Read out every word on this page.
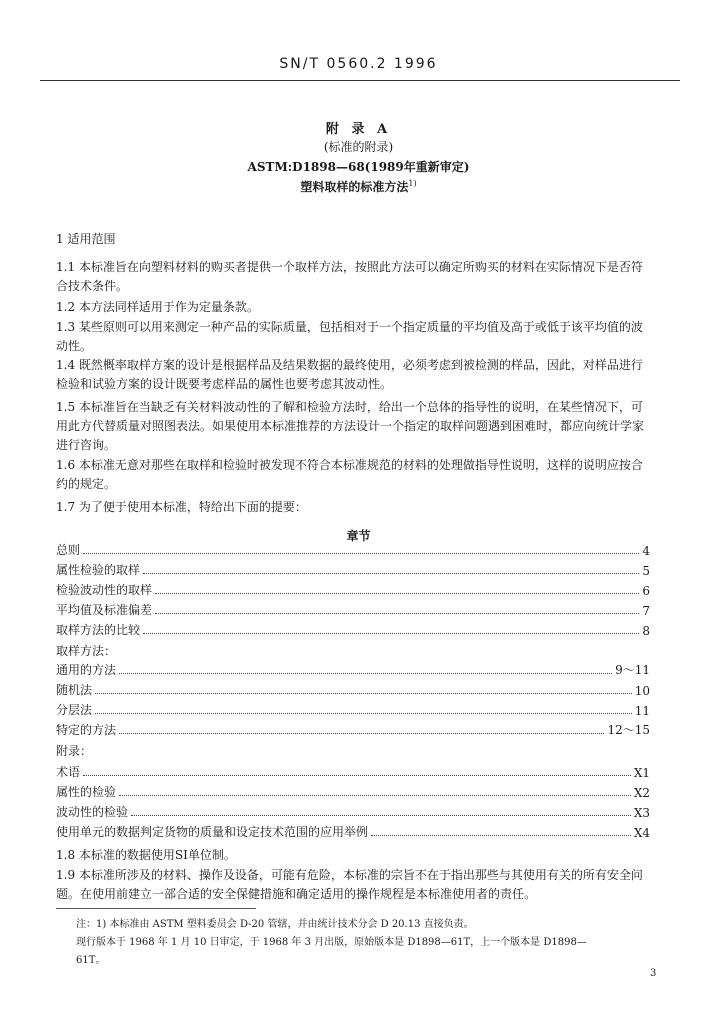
SN/T 0560.2 1996
附 录 A
(标准的附录)
ASTM:D1898—68(1989年重新审定)
塑料取样的标准方法$^{1)}$

1 适用范围

1.1 本标准旨在向塑料材料的购买者提供一个取样方法，按照此方法可以确定所购买的材料在实际情况下是否符合技术条件。

1.2 本方法同样适用于作为定量条款。

1.3 某些原则可以用来测定一种产品的实际质量，包括相对于一个指定质量的平均值及高于或低于该平均值的波动性。

1.4 既然概率取样方案的设计是根据样品及结果数据的最终使用，必须考虑到被检测的样品，因此，对样品进行检验和试验方案的设计既要考虑样品的属性也要考虑其波动性。

1.5 本标准旨在当缺乏有关材料波动性的了解和检验方法时，给出一个总体的指导性的说明，在某些情况下，可用此方代替质量对照图表法。如果使用本标准推荐的方法设计一个指定的取样问题遇到困难时，都应向统计学家进行咨询。

1.6 本标准无意对那些在取样和检验时被发现不符合本标准规范的材料的处理做指导性说明，这样的说明应按合约的规定。

1.7 为了便于使用本标准，特给出下面的提要：

章节
总则	4
属性检验的取样	5
检验波动性的取样	6
平均值及标准偏差	7
取样方法的比较	8
取样方法：
通用的方法	9～11
随机法	10
分层法	11
特定的方法	12～15
附录：
术语	X1
属性的检验	X2
波动性的检验	X3
使用单元的数据判定货物的质量和设定技术范围的应用举例	X4

1.8 本标准的数据使用SI单位制。

1.9 本标准所涉及的材料、操作及设备，可能有危险，本标准的宗旨不在于指出那些与其使用有关的所有安全问题。在使用前建立一部合适的安全保健措施和确定适用的操作规程是本标准使用者的责任。

注：1) 本标准由 ASTM 塑料委员会 D-20 管辖，并由统计技术分会 D 20.13 直接负责。
现行版本于 1968 年 1 月 10 日审定，于 1968 年 3 月出版，原始版本是 D1898—61T，上一个版本是 D1898—
61T。
3
